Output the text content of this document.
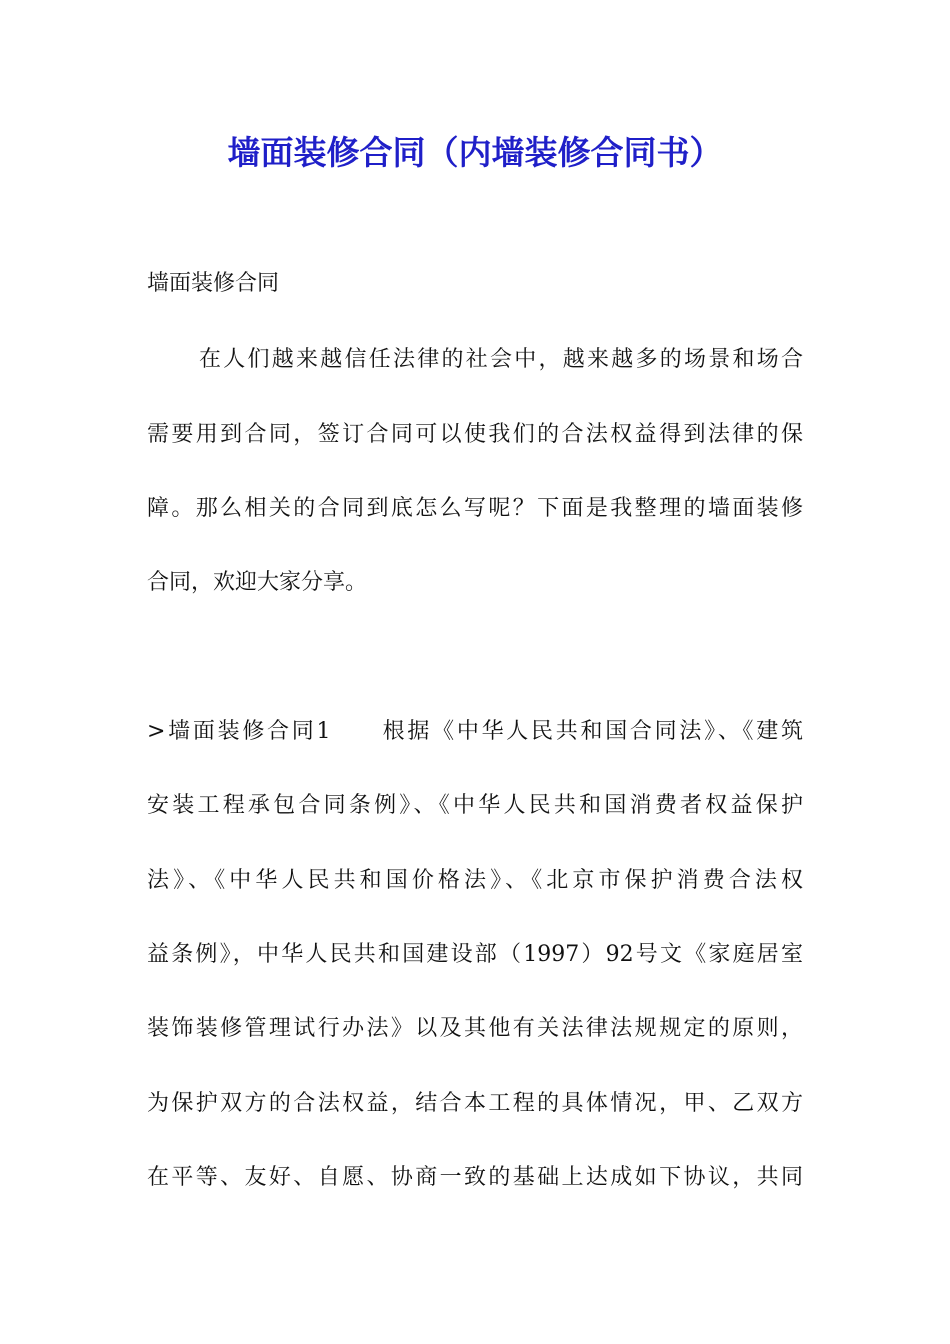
墙面装修合同（内墙装修合同书）
墙面装修合同
在人们越来越信任法律的社会中，越来越多的场景和场合
需要用到合同，签订合同可以使我们的合法权益得到法律的保
障。那么相关的合同到底怎么写呢？下面是我整理的墙面装修
合同，欢迎大家分享。
>墙面装修合同1　　根据《中华人民共和国合同法》、《建筑
安装工程承包合同条例》、《中华人民共和国消费者权益保护
法》、《中华人民共和国价格法》、《北京市保护消费合法权
益条例》，中华人民共和国建设部（1997）92号文《家庭居室
装饰装修管理试行办法》以及其他有关法律法规规定的原则，
为保护双方的合法权益，结合本工程的具体情况，甲、乙双方
在平等、友好、自愿、协商一致的基础上达成如下协议，共同
